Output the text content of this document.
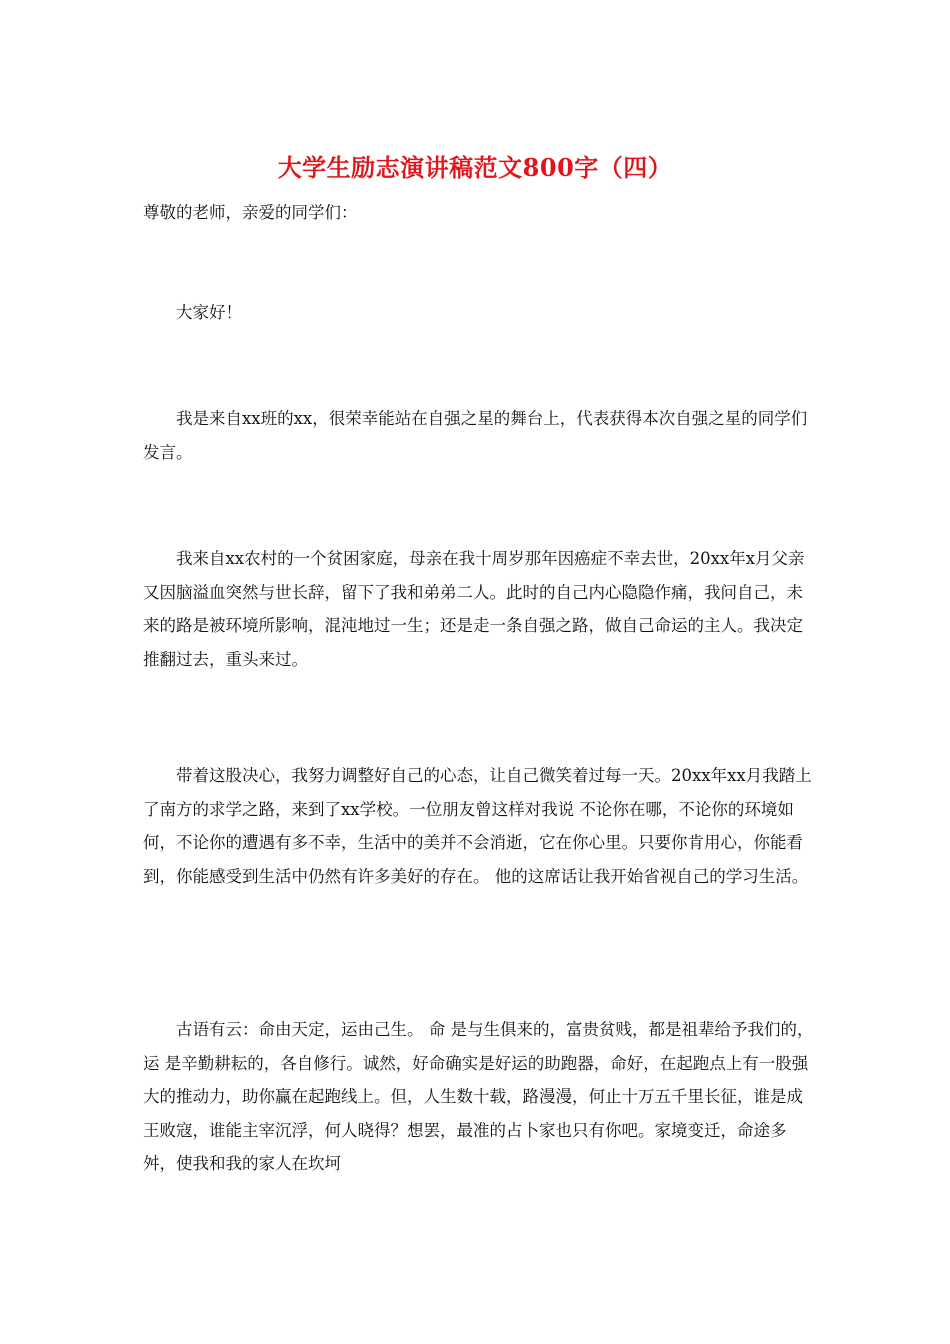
大学生励志演讲稿范文800字（四）

尊敬的老师，亲爱的同学们：

大家好！

我是来自xx班的xx，很荣幸能站在自强之星的舞台上，代表获得本次自强之星的同学们发言。

我来自xx农村的一个贫困家庭，母亲在我十周岁那年因癌症不幸去世，20xx年x月父亲又因脑溢血突然与世长辞，留下了我和弟弟二人。此时的自己内心隐隐作痛，我问自己，未来的路是被环境所影响，混沌地过一生；还是走一条自强之路，做自己命运的主人。我决定推翻过去，重头来过。

带着这股决心，我努力调整好自己的心态，让自己微笑着过每一天。20xx年xx月我踏上了南方的求学之路，来到了xx学校。一位朋友曾这样对我说 不论你在哪，不论你的环境如何，不论你的遭遇有多不幸，生活中的美并不会消逝，它在你心里。只要你肯用心，你能看到，你能感受到生活中仍然有许多美好的存在。 他的这席话让我开始省视自己的学习生活。

古语有云：命由天定，运由己生。 命 是与生俱来的，富贵贫贱，都是祖辈给予我们的， 运 是辛勤耕耘的，各自修行。诚然，好命确实是好运的助跑器，命好，在起跑点上有一股强大的推动力，助你赢在起跑线上。但，人生数十载，路漫漫，何止十万五千里长征，谁是成王败寇，谁能主宰沉浮，何人晓得？想罢，最准的占卜家也只有你吧。家境变迁，命途多舛，使我和我的家人在坎坷
